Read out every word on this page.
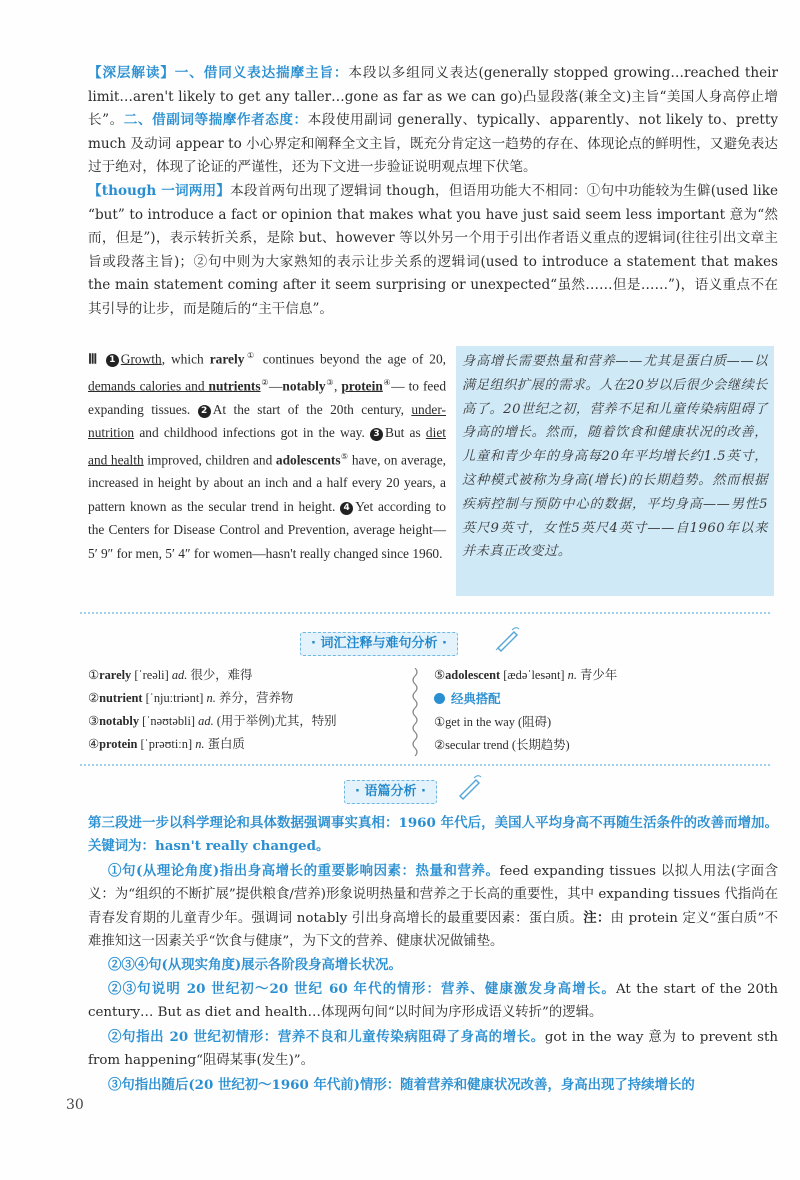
【深层解读】一、借同义表达揣摩主旨：本段以多组同义表达(generally stopped growing…reached their limit…aren't likely to get any taller…gone as far as we can go)凸显段落(兼全文)主旨“美国人身高停止增长”。二、借副词等揣摩作者态度：本段使用副词 generally、typically、apparently、not likely to、pretty much 及动词 appear to 小心界定和阐释全文主旨，既充分肯定这一趋势的存在、体现论点的鲜明性，又避免表达过于绝对，体现了论证的严谨性，还为下文进一步验证说明观点埋下伏笔。
【though 一词两用】本段首两句出现了逻辑词 though，但语用功能大不相同：①句中功能较为生僻(used like “but” to introduce a fact or opinion that makes what you have just said seem less important 意为“然而，但是”)，表示转折关系，是除 but、however 等以外另一个用于引出作者语义重点的逻辑词(往往引出文章主旨或段落主旨)；②句中则为大家熟知的表示让步关系的逻辑词(used to introduce a statement that makes the main statement coming after it seem surprising or unexpected“虽然……但是……”)，语义重点不在其引导的让步，而是随后的“主干信息”。
Ⅲ 1 Growth, which rarely① continues beyond the age of 20, demands calories and nutrients②—notably③, protein④— to feed expanding tissues. 2 At the start of the 20th century, under-nutrition and childhood infections got in the way. 3 But as diet and health improved, children and adolescents⑤ have, on average, increased in height by about an inch and a half every 20 years, a pattern known as the secular trend in height. 4 Yet according to the Centers for Disease Control and Prevention, average height—5′ 9″ for men, 5′ 4″ for women—hasn't really changed since 1960.
身高增长需要热量和营养——尤其是蛋白质——以满足组织扩展的需求。人在20岁以后很少会继续长高了。20世纪之初，营养不足和儿童传染病阻碍了身高的增长。然而，随着饮食和健康状况的改善，儿童和青少年的身高每20年平均增长约1.5英寸，这种模式被称为身高(增长)的长期趋势。然而根据疾病控制与预防中心的数据，平均身高——男性5英尺9英寸，女性5英尺4英寸——自1960年以来并未真正改变过。
· 词汇注释与难句分析 ·
①rarely [ˈreəli] ad. 很少，难得
②nutrient [ˈnjuːtriənt] n. 养分，营养物
③notably [ˈnəʊtəbli] ad. (用于举例)尤其，特别
④protein [ˈprəʊtiːn] n. 蛋白质
⑤adolescent [ædəˈlesənt] n. 青少年
经典搭配
①get in the way (阻碍)
②secular trend (长期趋势)
· 语篇分析 ·
第三段进一步以科学理论和具体数据强调事实真相：1960 年代后，美国人平均身高不再随生活条件的改善而增加。关键词为：hasn't really changed。
①句(从理论角度)指出身高增长的重要影响因素：热量和营养。feed expanding tissues 以拟人用法(字面含义：为“组织的不断扩展”提供粮食/营养)形象说明热量和营养之于长高的重要性，其中 expanding tissues 代指尚在青春发育期的儿童青少年。强调词 notably 引出身高增长的最重要因素：蛋白质。注：由 protein 定义“蛋白质”不难推知这一因素关乎“饮食与健康”，为下文的营养、健康状况做铺垫。
②③④句(从现实角度)展示各阶段身高增长状况。
②③句说明 20 世纪初～20 世纪 60 年代的情形：营养、健康激发身高增长。At the start of the 20th century… But as diet and health…体现两句间“以时间为序形成语义转折”的逻辑。
②句指出 20 世纪初情形：营养不良和儿童传染病阻碍了身高的增长。got in the way 意为 to prevent sth from happening“阻碍某事(发生)”。
③句指出随后(20 世纪初～1960 年代前)情形：随着营养和健康状况改善，身高出现了持续增长的
30
